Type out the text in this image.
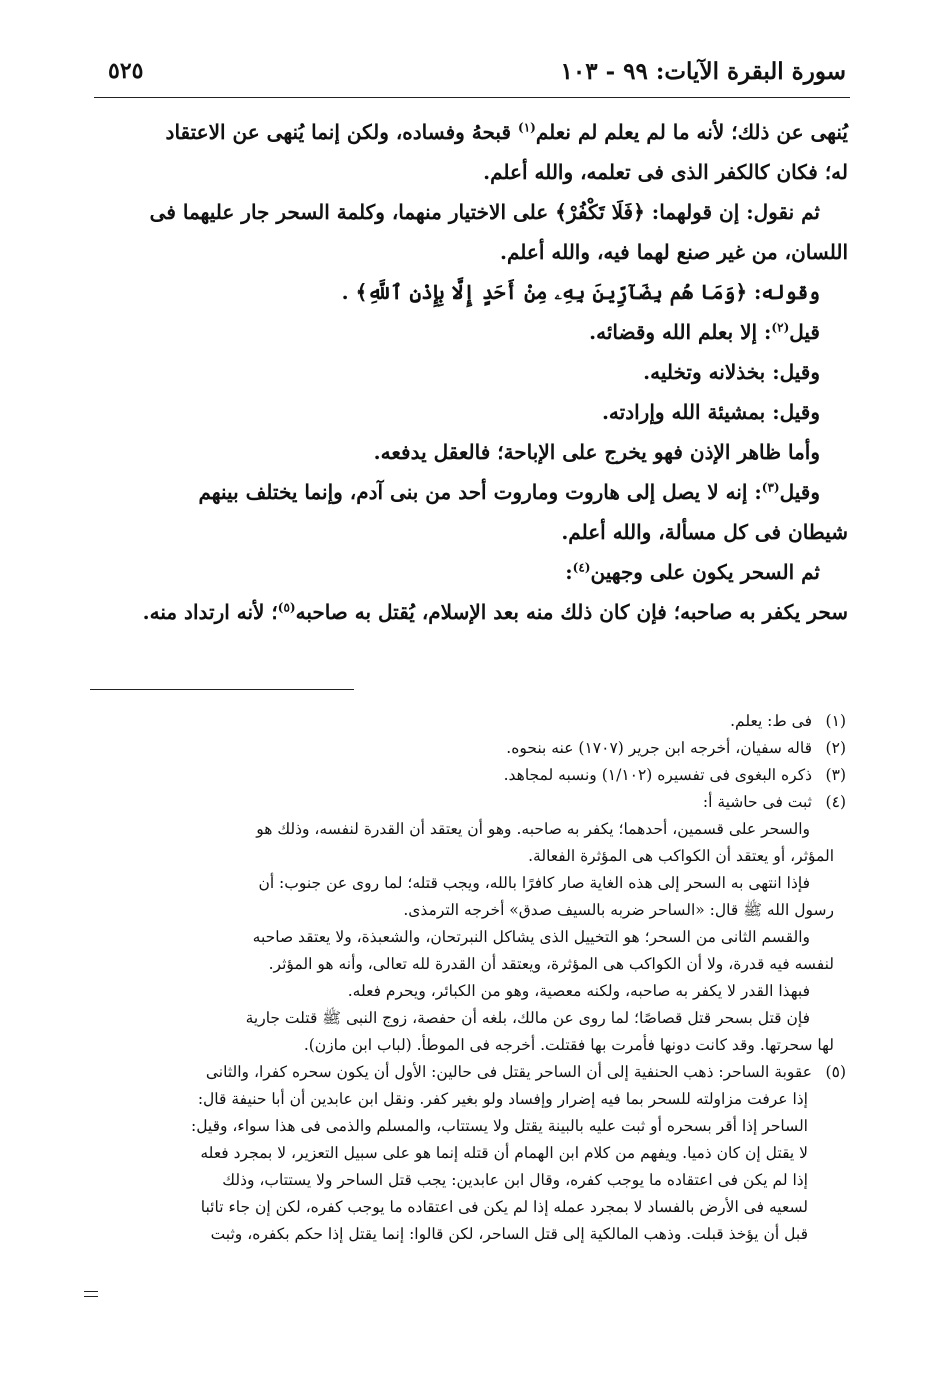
سورة البقرة الآيات: ٩٩ - ١٠٣
٥٢٥

يُنهى عن ذلك؛ لأنه ما لم يعلم لم نعلم$^{(١)}$ قبحهُ وفساده، ولكن إنما يُنهى عن الاعتقاد

له؛ فكان كالكفر الذى فى تعلمه، والله أعلم.

ثم نقول: إن قولهما: ﴿فَلَا تَكْفُرْ﴾ على الاختيار منهما، وكلمة السحر جار عليهما فى

اللسان، من غير صنع لهما فيه، والله أعلم.

وقوله: ﴿وَمَا هُم بِضَآرِّينَ بِهِۦ مِنْ أَحَدٍ إِلَّا بِإِذْنِ ٱللَّهِ﴾ .

قيل$^{(٢)}$: إلا بعلم الله وقضائه.

وقيل: بخذلانه وتخليه.

وقيل: بمشيئة الله وإرادته.

وأما ظاهر الإذن فهو يخرج على الإباحة؛ فالعقل يدفعه.

وقيل$^{(٣)}$: إنه لا يصل إلى هاروت وماروت أحد من بنى آدم، وإنما يختلف بينهم

شيطان فى كل مسألة، والله أعلم.

ثم السحر يكون على وجهين$^{(٤)}$:

سحر يكفر به صاحبه؛ فإن كان ذلك منه بعد الإسلام، يُقتل به صاحبه$^{(٥)}$؛ لأنه ارتداد منه.

(١)فى ط: يعلم.

(٢)قاله سفيان، أخرجه ابن جرير (١٧٠٧) عنه بنحوه.

(٣)ذكره البغوى فى تفسيره (١/١٠٢) ونسبه لمجاهد.

(٤)ثبت فى حاشية أ:

والسحر على قسمين، أحدهما؛ يكفر به صاحبه. وهو أن يعتقد أن القدرة لنفسه، وذلك هو

المؤثر، أو يعتقد أن الكواكب هى المؤثرة الفعالة.

فإذا انتهى به السحر إلى هذه الغاية صار كافرًا بالله، ويجب قتله؛ لما روى عن جنوب: أن

رسول الله ﷺ قال: «الساحر ضربه بالسيف صدق» أخرجه الترمذى.

والقسم الثانى من السحر؛ هو التخييل الذى يشاكل النبرتحان، والشعبذة، ولا يعتقد صاحبه

لنفسه فيه قدرة، ولا أن الكواكب هى المؤثرة، ويعتقد أن القدرة لله تعالى، وأنه هو المؤثر.

فبهذا القدر لا يكفر به صاحبه، ولكنه معصية، وهو من الكبائر، ويحرم فعله.

فإن قتل بسحر قتل قصاصًا؛ لما روى عن مالك، بلغه أن حفصة، زوج النبى ﷺ قتلت جارية

لها سحرتها. وقد كانت دونها فأمرت بها فقتلت. أخرجه فى الموطأ. (لباب ابن مازن).

(٥)عقوبة الساحر: ذهب الحنفية إلى أن الساحر يقتل فى حالين: الأول أن يكون سحره كفرا، والثانى

إذا عرفت مزاولته للسحر بما فيه إضرار وإفساد ولو بغير كفر. ونقل ابن عابدين أن أبا حنيفة قال:

الساحر إذا أقر بسحره أو ثبت عليه بالبينة يقتل ولا يستتاب، والمسلم والذمى فى هذا سواء، وقيل:

لا يقتل إن كان ذميا. ويفهم من كلام ابن الهمام أن قتله إنما هو على سبيل التعزير، لا بمجرد فعله

إذا لم يكن فى اعتقاده ما يوجب كفره، وقال ابن عابدين: يجب قتل الساحر ولا يستتاب، وذلك

لسعيه فى الأرض بالفساد لا بمجرد عمله إذا لم يكن فى اعتقاده ما يوجب كفره، لكن إن جاء تائبا

قبل أن يؤخذ قبلت. وذهب المالكية إلى قتل الساحر، لكن قالوا: إنما يقتل إذا حكم بكفره، وثبت
